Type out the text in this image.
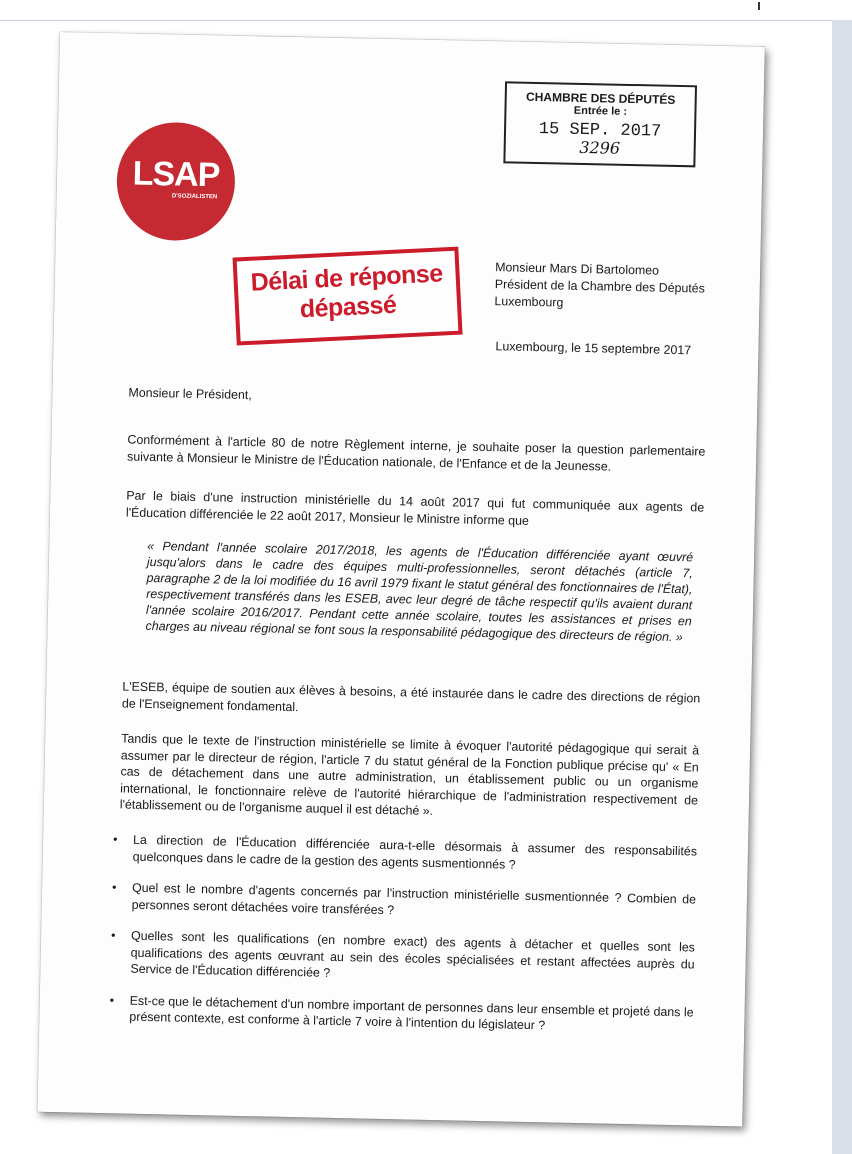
LSAP
D'SOZIALISTEN
CHAMBRE DES DÉPUTÉS
Entrée le :
15 SEP. 2017
3296
Délai de réponse
dépassé
Monsieur Mars Di Bartolomeo
Président de la Chambre des Députés
Luxembourg
Luxembourg, le 15 septembre 2017
Monsieur le Président,
Conformément à l'article 80 de notre Règlement interne, je souhaite poser la question parlementaire suivante à Monsieur le Ministre de l'Éducation nationale, de l'Enfance et de la Jeunesse.
Par le biais d'une instruction ministérielle du 14 août 2017 qui fut communiquée aux agents de l'Éducation différenciée le 22 août 2017, Monsieur le Ministre informe que
« Pendant l'année scolaire 2017/2018, les agents de l'Éducation différenciée ayant œuvré jusqu'alors dans le cadre des équipes multi-professionnelles, seront détachés (article 7, paragraphe 2 de la loi modifiée du 16 avril 1979 fixant le statut général des fonctionnaires de l'État), respectivement transférés dans les ESEB, avec leur degré de tâche respectif qu'ils avaient durant l'année scolaire 2016/2017. Pendant cette année scolaire, toutes les assistances et prises en charges au niveau régional se font sous la responsabilité pédagogique des directeurs de région. »
L'ESEB, équipe de soutien aux élèves à besoins, a été instaurée dans le cadre des directions de région de l'Enseignement fondamental.
Tandis que le texte de l'instruction ministérielle se limite à évoquer l'autorité pédagogique qui serait à assumer par le directeur de région, l'article 7 du statut général de la Fonction publique précise qu' « En cas de détachement dans une autre administration, un établissement public ou un organisme international, le fonctionnaire relève de l'autorité hiérarchique de l'administration respectivement de l'établissement ou de l'organisme auquel il est détaché ».
• La direction de l'Éducation différenciée aura-t-elle désormais à assumer des responsabilités quelconques dans le cadre de la gestion des agents susmentionnés ?
• Quel est le nombre d'agents concernés par l'instruction ministérielle susmentionnée ? Combien de personnes seront détachées voire transférées ?
• Quelles sont les qualifications (en nombre exact) des agents à détacher et quelles sont les qualifications des agents œuvrant au sein des écoles spécialisées et restant affectées auprès du Service de l'Éducation différenciée ?
• Est-ce que le détachement d'un nombre important de personnes dans leur ensemble et projeté dans le présent contexte, est conforme à l'article 7 voire à l'intention du législateur ?
